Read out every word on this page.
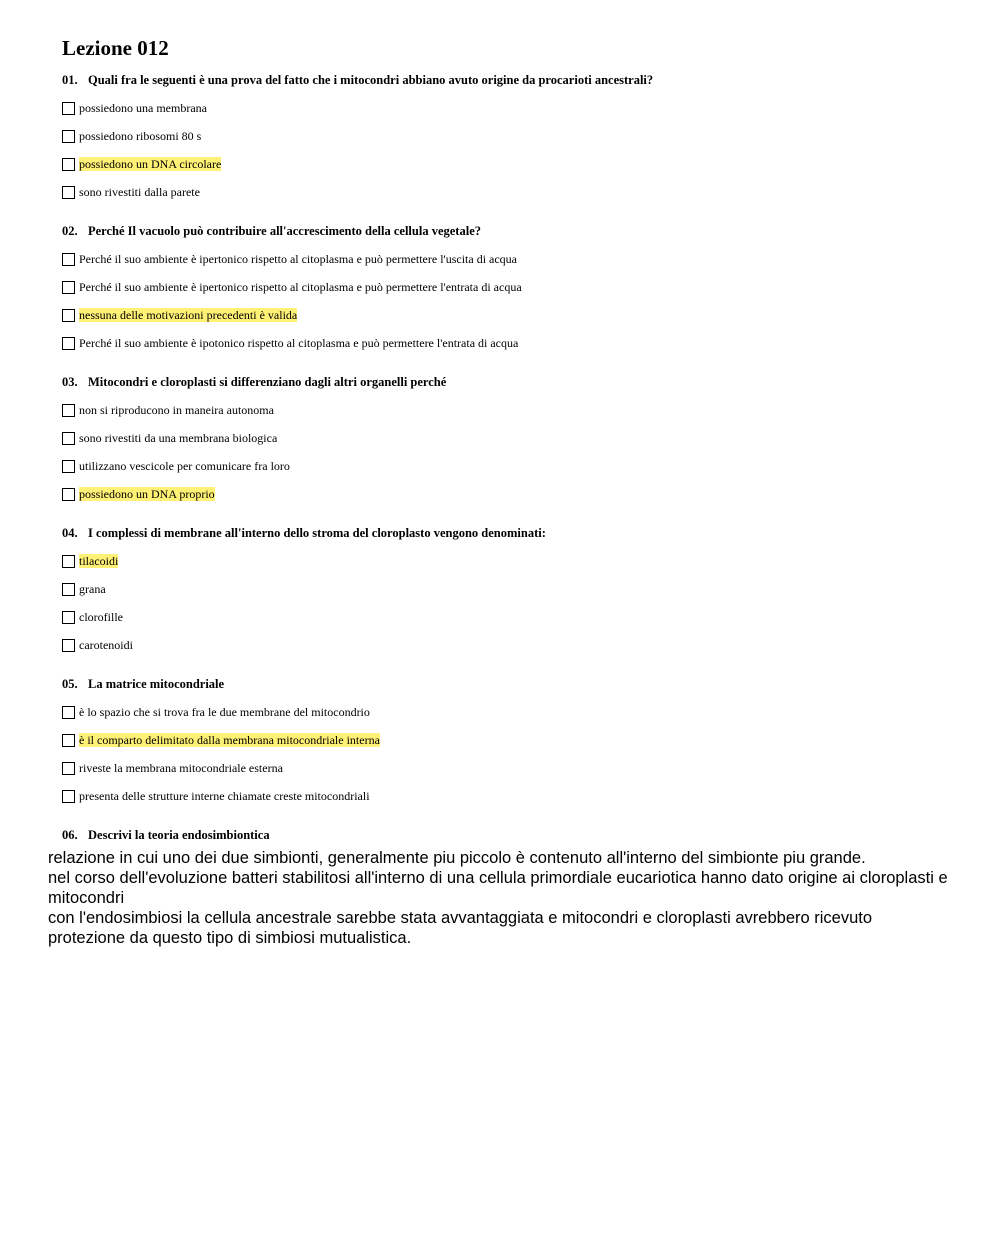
Lezione 012
01. Quali fra le seguenti è una prova del fatto che i mitocondri abbiano avuto origine da procarioti ancestrali?
possiedono una membrana
possiedono ribosomi 80 s
possiedono un DNA circolare
sono rivestiti dalla parete
02. Perché Il vacuolo può contribuire all'accrescimento della cellula vegetale?
Perché il suo ambiente è ipertonico rispetto al citoplasma e può permettere l'uscita di acqua
Perché il suo ambiente è ipertonico rispetto al citoplasma e può permettere l'entrata di acqua
nessuna delle motivazioni precedenti è valida
Perché il suo ambiente è ipotonico rispetto al citoplasma e può permettere l'entrata di acqua
03. Mitocondri e cloroplasti si differenziano dagli altri organelli perché
non si riproducono in maneira autonoma
sono rivestiti da una membrana biologica
utilizzano vescicole per comunicare fra loro
possiedono un DNA proprio
04. I complessi di membrane all'interno dello stroma del cloroplasto vengono denominati:
tilacoidi
grana
clorofille
carotenoidi
05. La matrice mitocondriale
è lo spazio che si trova fra le due membrane del mitocondrio
è il comparto delimitato dalla membrana mitocondriale interna
riveste la membrana mitocondriale esterna
presenta delle strutture interne chiamate creste mitocondriali
06. Descrivi la teoria endosimbiontica

relazione in cui uno dei due simbionti, generalmente piu piccolo è contenuto all'interno del simbionte piu grande.

nel corso dell'evoluzione batteri stabilitosi all'interno di una cellula primordiale eucariotica hanno dato origine ai cloroplasti e mitocondri

con l'endosimbiosi la cellula ancestrale sarebbe stata avvantaggiata e mitocondri e cloroplasti avrebbero ricevuto protezione da questo tipo di simbiosi mutualistica.
